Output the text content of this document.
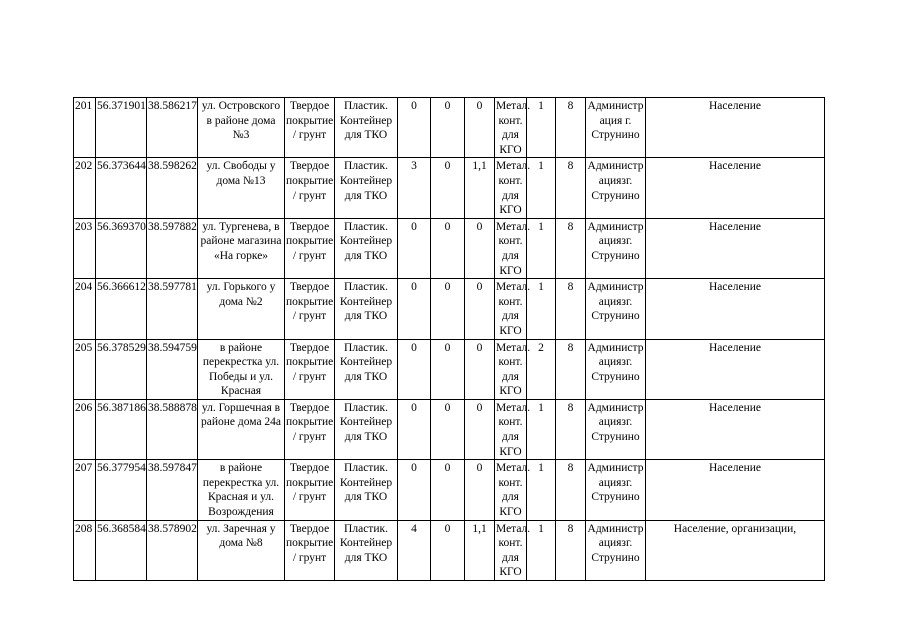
201	56.371901	38.586217	ул. Островского в районе дома №3	Твердое покрытие / грунт	Пластик. Контейнер для ТКО	0	0	0	Метал. конт. для КГО	1	8	Администр ация г. Струнино	Население
202	56.373644	38.598262	ул. Свободы у дома №13	Твердое покрытие / грунт	Пластик. Контейнер для ТКО	3	0	1,1	Метал. конт. для КГО	1	8	Администр ациязг. Струнино	Население
203	56.369370	38.597882	ул. Тургенева, в районе магазина «На горке»	Твердое покрытие / грунт	Пластик. Контейнер для ТКО	0	0	0	Метал. конт. для КГО	1	8	Администр ациязг. Струнино	Население
204	56.366612	38.597781	ул. Горького у дома №2	Твердое покрытие / грунт	Пластик. Контейнер для ТКО	0	0	0	Метал. конт. для КГО	1	8	Администр ациязг. Струнино	Население
205	56.378529	38.594759	в районе перекрестка ул. Победы и ул. Красная	Твердое покрытие / грунт	Пластик. Контейнер для ТКО	0	0	0	Метал. конт. для КГО	2	8	Администр ациязг. Струнино	Население
206	56.387186	38.588878	ул. Горшечная в районе дома 24а	Твердое покрытие / грунт	Пластик. Контейнер для ТКО	0	0	0	Метал. конт. для КГО	1	8	Администр ациязг. Струнино	Население
207	56.377954	38.597847	в районе перекрестка ул. Красная и ул. Возрождения	Твердое покрытие / грунт	Пластик. Контейнер для ТКО	0	0	0	Метал. конт. для КГО	1	8	Администр ациязг. Струнино	Население
208	56.368584	38.578902	ул. Заречная у дома №8	Твердое покрытие / грунт	Пластик. Контейнер для ТКО	4	0	1,1	Метал. конт. для КГО	1	8	Администр ациязг. Струнино	Население, организации,
